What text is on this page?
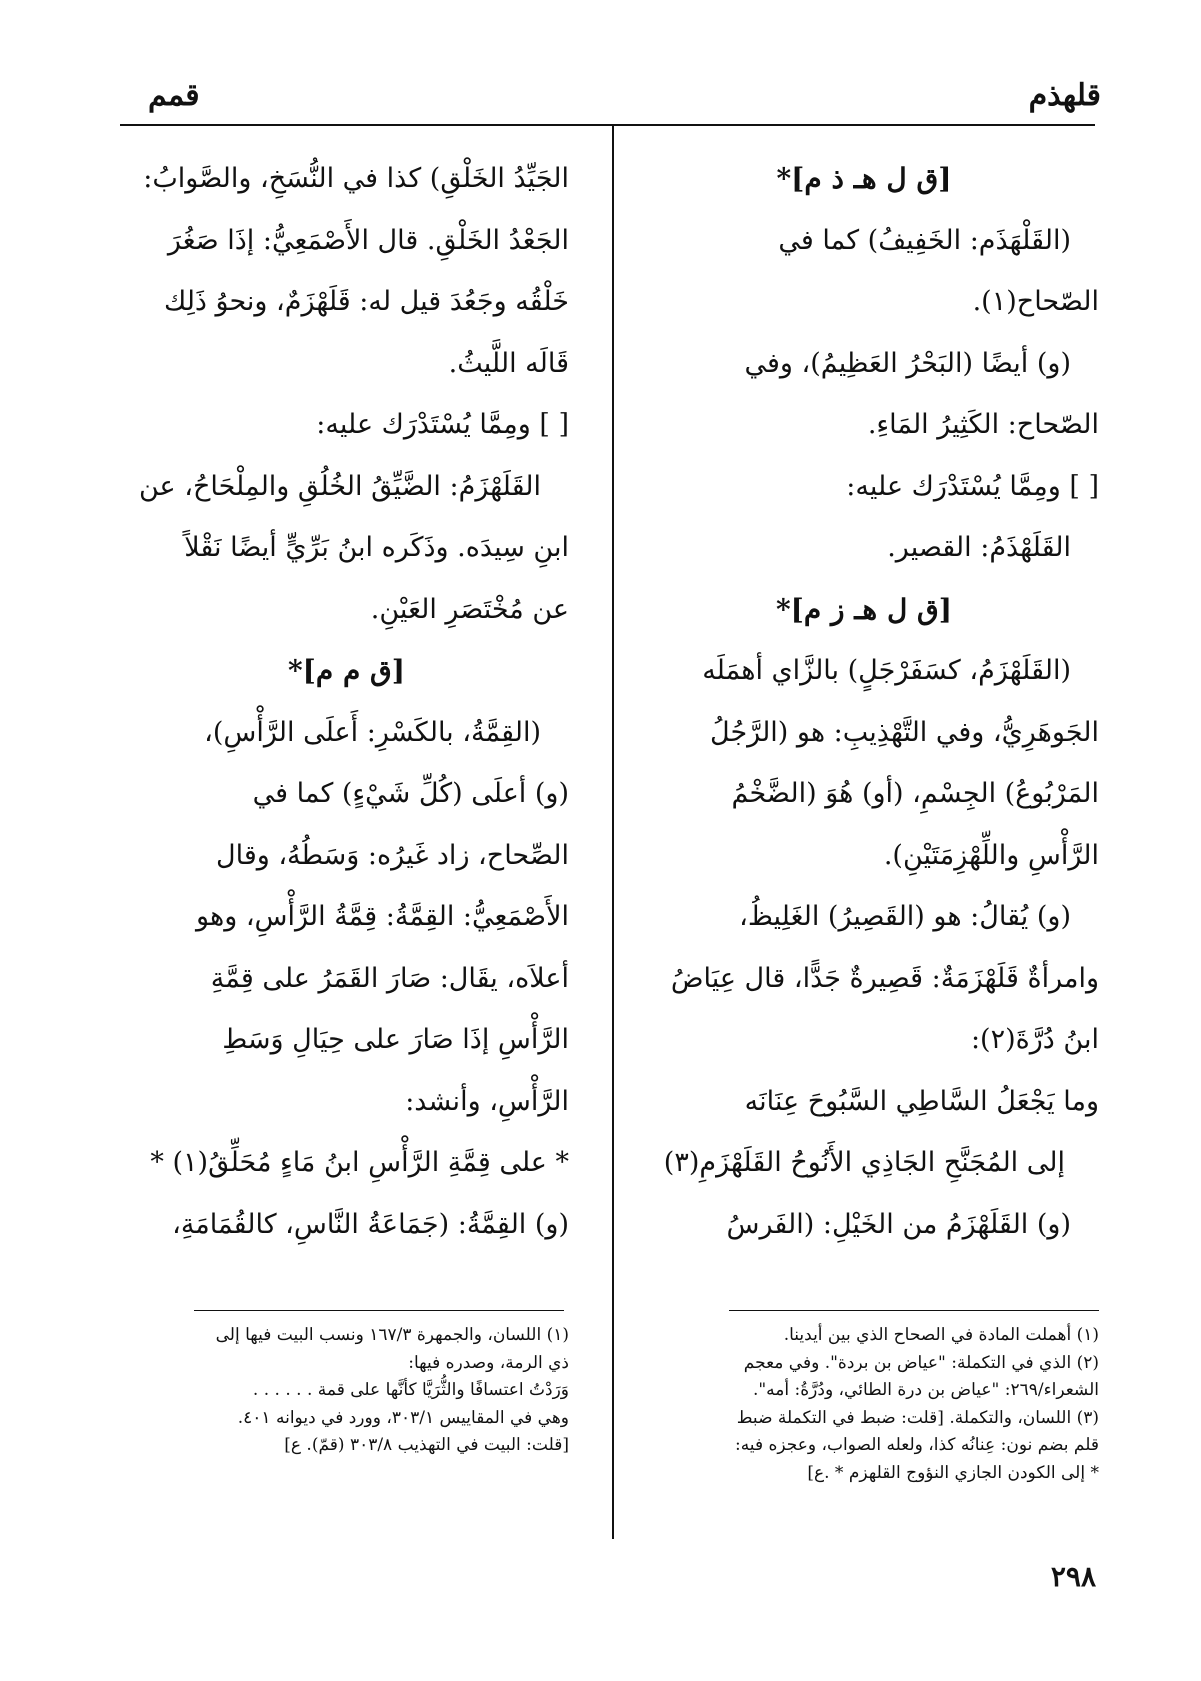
قلهذم
قمم

[ق ل هـ ذ م]*

(القَلْهَذَم: الخَفِيفُ) كما في

الصّحاح(١).

(و) أيضًا (البَحْرُ العَظِيمُ)، وفي

الصّحاح: الكَثِيرُ المَاءِ.

[ ] ومِمَّا يُسْتَدْرَك عليه:

القَلَهْذَمُ: القصير.

[ق ل هـ ز م]*

(القَلَهْزَمُ، كسَفَرْجَلٍ) بالزَّاي أهمَلَه

الجَوهَرِيُّ، وفي التَّهْذِيبِ: هو (الرَّجُلُ

المَرْبُوعُ) الجِسْمِ، (أو) هُوَ (الضَّخْمُ

الرَّأْسِ واللِّهْزِمَتَيْنِ).

(و) يُقالُ: هو (القَصِيرُ) الغَلِيظُ،

وامرأةٌ قَلَهْزَمَةٌ: قَصِيرةٌ جَدًّا، قال عِيَاضُ

ابنُ دُرَّةَ(٢):

وما يَجْعَلُ السَّاطِي السَّبُوحَ عِنَانَه

إلى المُجَنَّحِ الجَاذِي الأَنُوحُ القَلَهْزَمِ(٣)

(و) القَلَهْزَمُ من الخَيْلِ: (الفَرسُ

الجَيِّدُ الخَلْقِ) كذا في النُّسَخِ، والصَّوابُ:

الجَعْدُ الخَلْقِ. قال الأَصْمَعِيُّ: إذَا صَغُرَ

خَلْقُه وجَعُدَ قيل له: قَلَهْزَمٌ، ونحوُ ذَلِك

قَالَه اللَّيثُ.

[ ] ومِمَّا يُسْتَدْرَك عليه:

القَلَهْزَمُ: الضَّيِّقُ الخُلُقِ والمِلْحَاحُ، عن

ابنِ سِيدَه. وذَكَره ابنُ بَرِّيٍّ أيضًا نَقْلاً

عن مُخْتَصَرِ العَيْنِ.

[ق م م]*

(القِمَّةُ، بالكَسْرِ: أَعلَى الرَّأْسِ)،

(و) أعلَى (كُلِّ شَيْءٍ) كما في

الصِّحاح، زاد غَيرُه: وَسَطُهُ، وقال

الأَصْمَعِيُّ: القِمَّةُ: قِمَّةُ الرَّأْسِ، وهو

أعلاَه، يقَال: صَارَ القَمَرُ على قِمَّةِ

الرَّأْسِ إذَا صَارَ على حِيَالِ وَسَطِ

الرَّأْسِ، وأنشد:

* على قِمَّةِ الرَّأْسِ ابنُ مَاءٍ مُحَلِّقُ(١) *

(و) القِمَّةُ: (جَمَاعَةُ النَّاسِ، كالقُمَامَةِ،

(١) أهملت المادة في الصحاح الذي بين أيدينا.

(٢) الذي في التكملة: "عياض بن بردة". وفي معجم

الشعراء/٢٦٩: "عياض بن درة الطائي، ودُرَّةُ: أمه".

(٣) اللسان، والتكملة. [قلت: ضبط في التكملة ضبط

قلم بضم نون: عِنانُه كذا، ولعله الصواب، وعجزه فيه:

* إلى الكودن الجازي النؤوج القلهزم * .ع]

(١) اللسان، والجمهرة ١٦٧/٣ ونسب البيت فيها إلى

ذي الرمة، وصدره فيها:

وَرَدْتُ اعتسافًا والثُّرَيَّا كأنَّها على قمة . . . . . .

وهي في المقاييس ٣٠٣/١، وورد في ديوانه ٤٠١.

[قلت: البيت في التهذيب ٣٠٣/٨ (قمّ). ع]

٢٩٨
